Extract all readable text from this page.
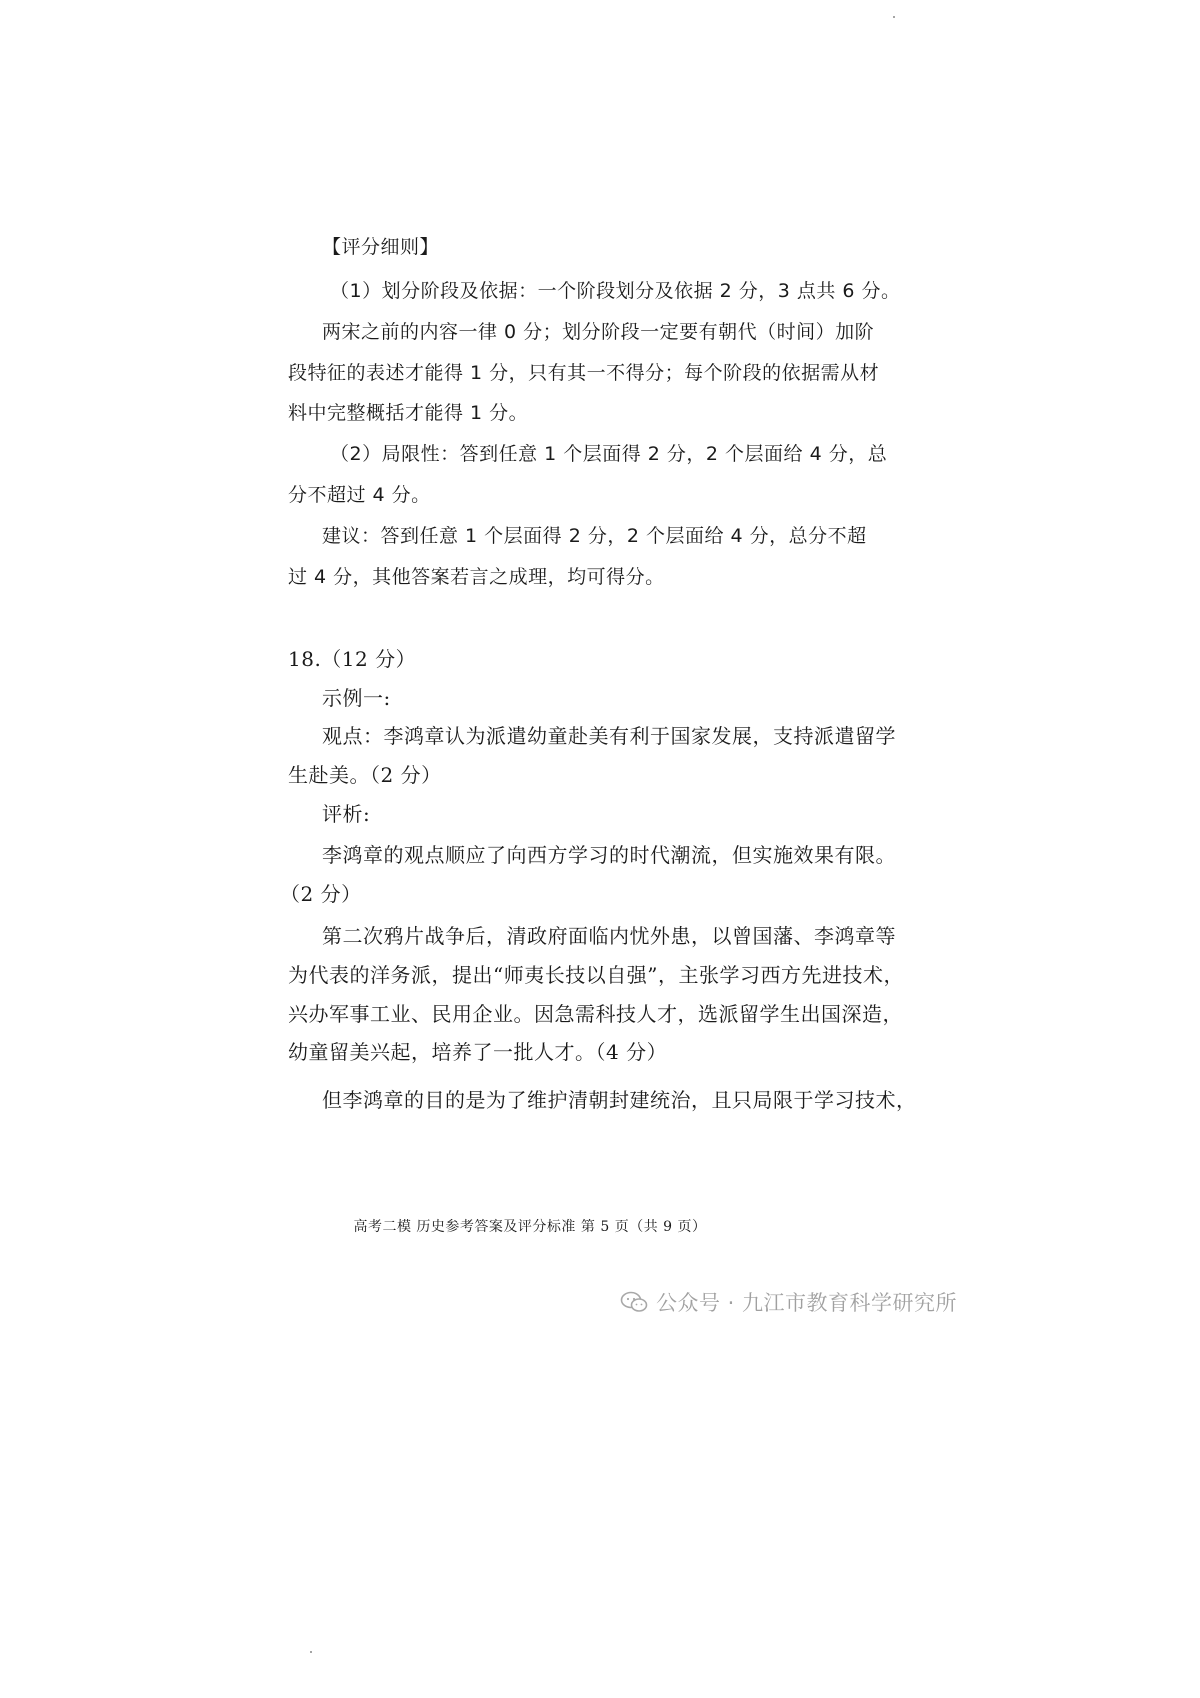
【评分细则】
（1）划分阶段及依据：一个阶段划分及依据 2 分，3 点共 6 分。
两宋之前的内容一律 0 分；划分阶段一定要有朝代（时间）加阶
段特征的表述才能得 1 分，只有其一不得分；每个阶段的依据需从材
料中完整概括才能得 1 分。
（2）局限性：答到任意 1 个层面得 2 分，2 个层面给 4 分，总
分不超过 4 分。
建议：答到任意 1 个层面得 2 分，2 个层面给 4 分，总分不超
过 4 分，其他答案若言之成理，均可得分。
18.（12 分）
示例一:
观点：李鸿章认为派遣幼童赴美有利于国家发展，支持派遣留学
生赴美。（2 分）
评析:
李鸿章的观点顺应了向西方学习的时代潮流，但实施效果有限。
（2 分）
第二次鸦片战争后，清政府面临内忧外患，以曾国藩、李鸿章等
为代表的洋务派，提出“师夷长技以自强”，主张学习西方先进技术，
兴办军事工业、民用企业。因急需科技人才，选派留学生出国深造，
幼童留美兴起，培养了一批人才。（4 分）
但李鸿章的目的是为了维护清朝封建统治，且只局限于学习技术，
高考二模 历史参考答案及评分标准 第 5 页（共 9 页）
公众号 · 九江市教育科学研究所
